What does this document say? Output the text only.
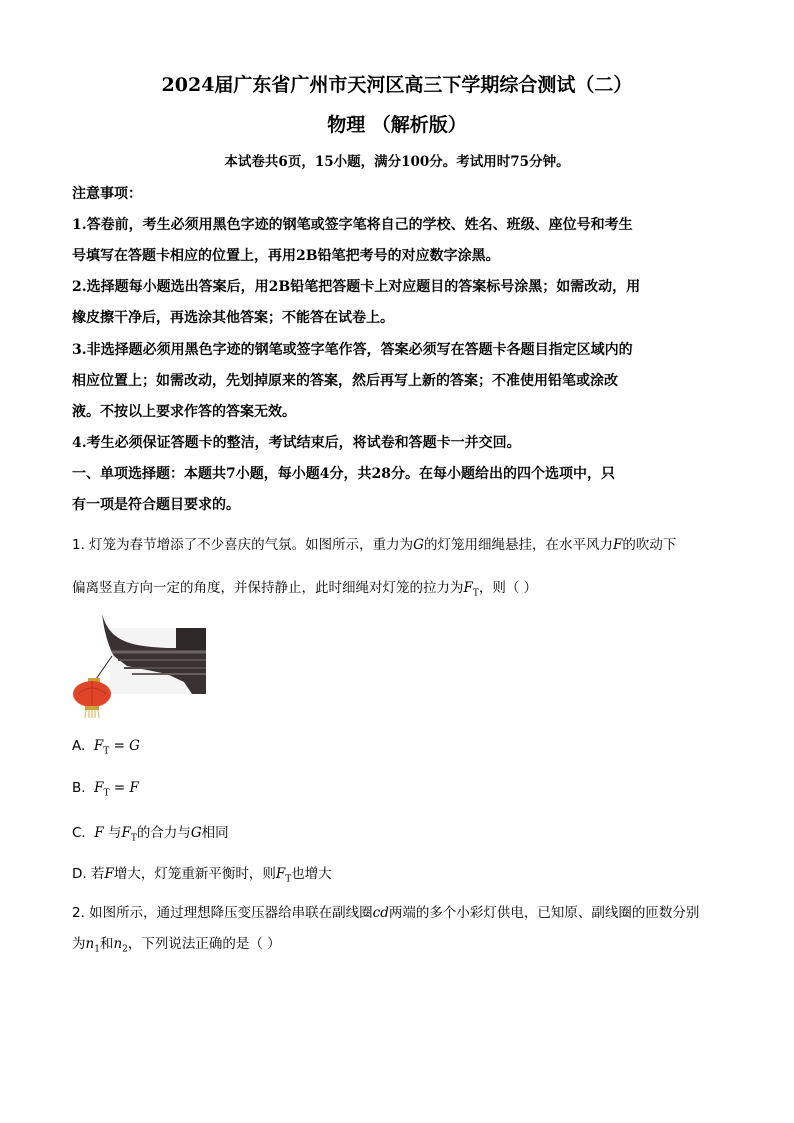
2024届广东省广州市天河区高三下学期综合测试（二）
物理 （解析版）
本试卷共6页，15小题，满分100分。考试用时75分钟。
注意事项：
1.答卷前，考生必须用黑色字迹的钢笔或签字笔将自己的学校、姓名、班级、座位号和考生
号填写在答题卡相应的位置上，再用2B铅笔把考号的对应数字涂黑。
2.选择题每小题选出答案后，用2B铅笔把答题卡上对应题目的答案标号涂黑；如需改动，用
橡皮擦干净后，再选涂其他答案；不能答在试卷上。
3.非选择题必须用黑色字迹的钢笔或签字笔作答，答案必须写在答题卡各题目指定区域内的
相应位置上；如需改动，先划掉原来的答案，然后再写上新的答案；不准使用铅笔或涂改
液。不按以上要求作答的答案无效。
4.考生必须保证答题卡的整洁，考试结束后，将试卷和答题卡一并交回。
一、单项选择题：本题共7小题，每小题4分，共28分。在每小题给出的四个选项中，只
有一项是符合题目要求的。
1. 灯笼为春节增添了不少喜庆的气氛。如图所示，重力为G的灯笼用细绳悬挂，在水平风力F的吹动下
偏离竖直方向一定的角度，并保持静止，此时细绳对灯笼的拉力为$F_T$，则（ ）
A. $F_T = G$
B. $F_T = F$
C. F 与$F_T$的合力与G相同
D. 若F增大，灯笼重新平衡时，则$F_T$也增大
2. 如图所示，通过理想降压变压器给串联在副线圈cd两端的多个小彩灯供电，已知原、副线圈的匝数分别
为$n_1$和$n_2$，下列说法正确的是（ ）
